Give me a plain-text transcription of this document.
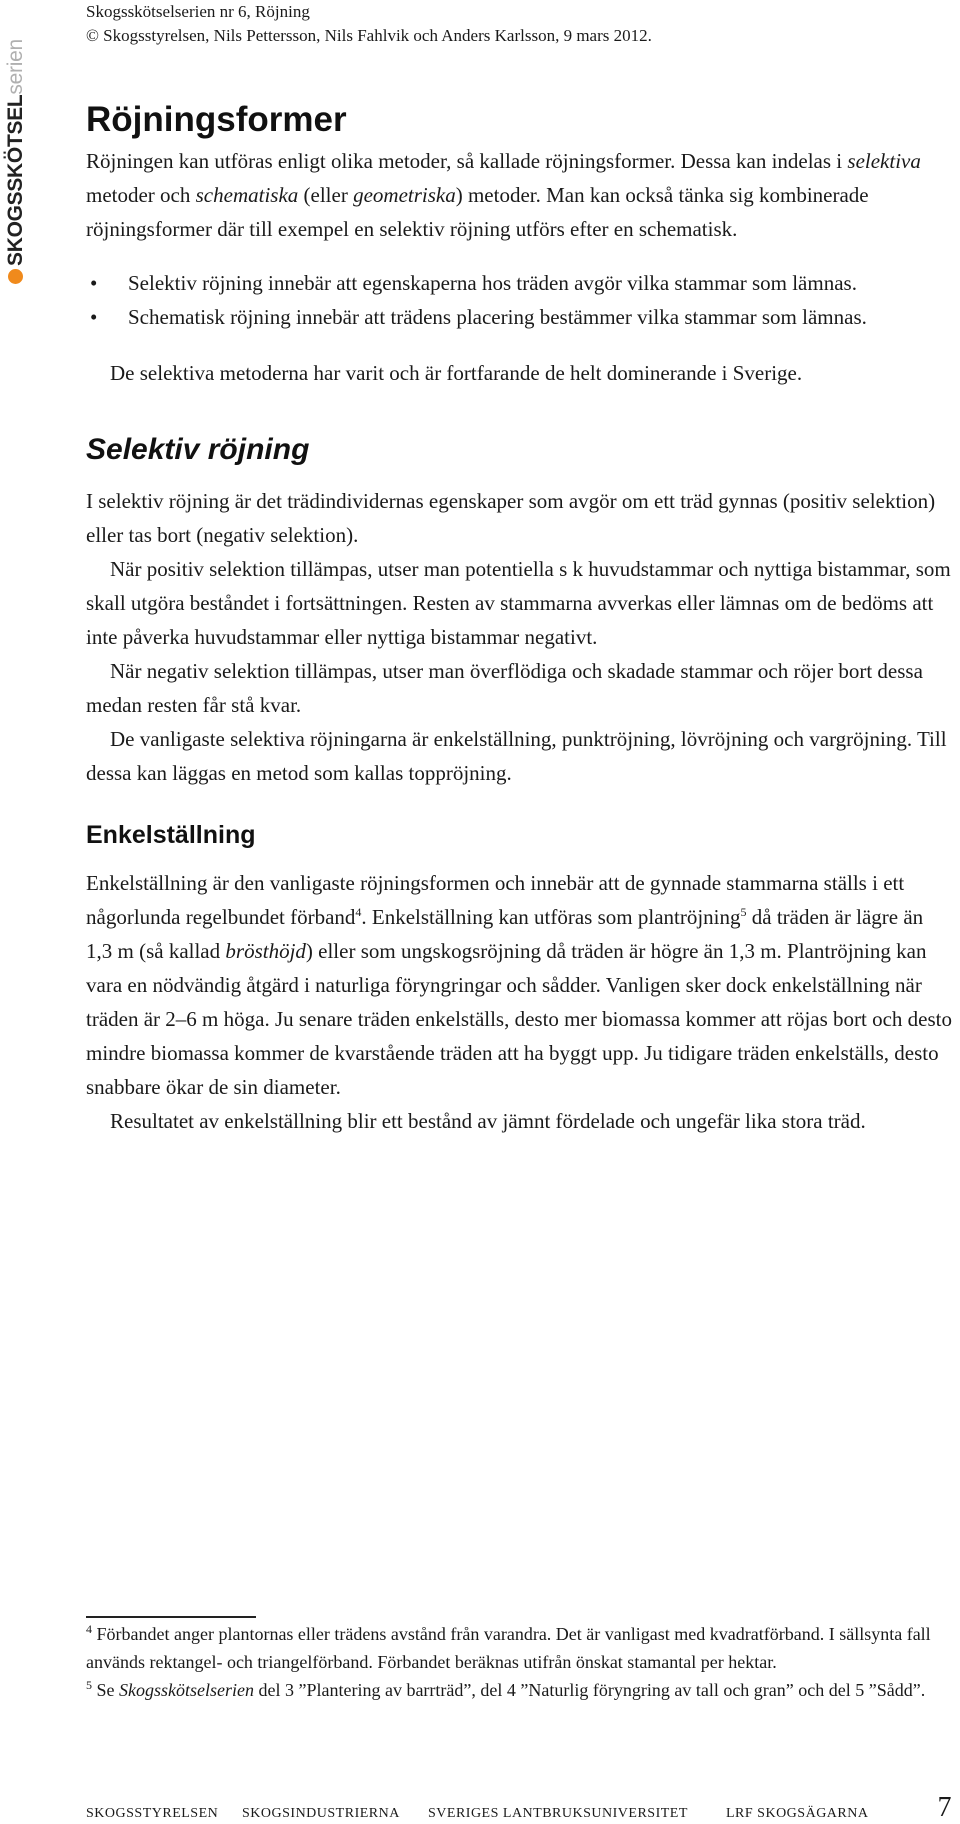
SKOGSSKÖTSELserien
Skogsskötselserien nr 6, Röjning
© Skogsstyrelsen, Nils Pettersson, Nils Fahlvik och Anders Karlsson, 9 mars 2012.
Röjningsformer

Röjningen kan utföras enligt olika metoder, så kallade röjningsformer. Dessa kan indelas i selektiva metoder och schematiska (eller geometriska) metoder. Man kan också tänka sig kombinerade röjningsformer där till exempel en selektiv röjning utförs efter en schematisk.

• Selektiv röjning innebär att egenskaperna hos träden avgör vilka stammar som lämnas.
• Schematisk röjning innebär att trädens placering bestämmer vilka stammar som lämnas.

De selektiva metoderna har varit och är fortfarande de helt dominerande i Sverige.

Selektiv röjning

I selektiv röjning är det trädindividernas egenskaper som avgör om ett träd gynnas (positiv selektion) eller tas bort (negativ selektion).

När positiv selektion tillämpas, utser man potentiella s k huvudstammar och nyttiga bistammar, som skall utgöra beståndet i fortsättningen. Resten av stammarna avverkas eller lämnas om de bedöms att inte påverka huvudstammar eller nyttiga bistammar negativt.

När negativ selektion tillämpas, utser man överflödiga och skadade stammar och röjer bort dessa medan resten får stå kvar.

De vanligaste selektiva röjningarna är enkelställning, punktröjning, lövröjning och vargröjning. Till dessa kan läggas en metod som kallas toppröjning.

Enkelställning

Enkelställning är den vanligaste röjningsformen och innebär att de gynnade stammarna ställs i ett någorlunda regelbundet förband$^4$. Enkelställning kan utföras som plantröjning$^5$ då träden är lägre än 1,3 m (så kallad brösthöjd) eller som ungskogsröjning då träden är högre än 1,3 m. Plantröjning kan vara en nödvändig åtgärd i naturliga föryngringar och sådder. Vanligen sker dock enkelställning när träden är 2–6 m höga. Ju senare träden enkelställs, desto mer biomassa kommer att röjas bort och desto mindre biomassa kommer de kvarstående träden att ha byggt upp. Ju tidigare träden enkelställs, desto snabbare ökar de sin diameter.

Resultatet av enkelställning blir ett bestånd av jämnt fördelade och ungefär lika stora träd.

$^4$ Förbandet anger plantornas eller trädens avstånd från varandra. Det är vanligast med kvadratförband. I sällsynta fall används rektangel- och triangelförband. Förbandet beräknas utifrån önskat stamantal per hektar.

$^5$ Se Skogsskötselserien del 3 ”Plantering av barrträd”, del 4 ”Naturlig föryngring av tall och gran” och del 5 ”Sådd”.

SKOGSSTYRELSEN SKOGSINDUSTRIERNA SVERIGES LANTBRUKSUNIVERSITET	LRF SKOGSÄGARNA 7
